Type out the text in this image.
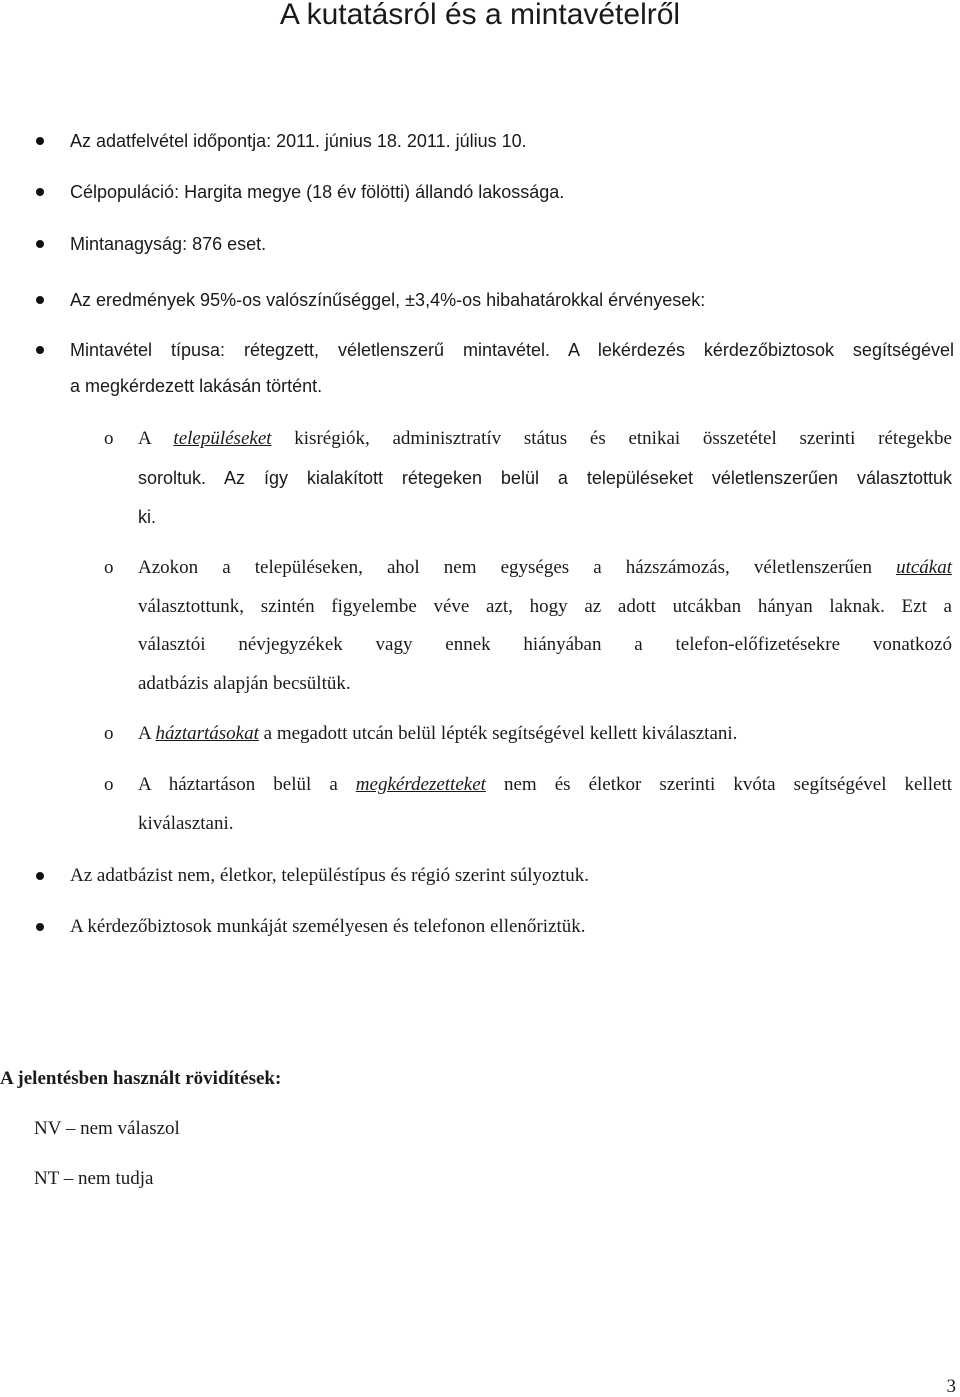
A kutatásról és a mintavételről
Az adatfelvétel időpontja: 2011. június 18. 2011. július 10.
Célpopuláció: Hargita megye (18 év fölötti) állandó lakossága.
Mintanagyság: 876 eset.
Az eredmények 95%-os valószínűséggel, ±3,4%-os hibahatárokkal érvényesek:
Mintavétel típusa: rétegzett, véletlenszerű mintavétel. A lekérdezés kérdezőbiztosok segítségével
a megkérdezett lakásán történt.
o A településeket kisrégiók, adminisztratív státus és etnikai összetétel szerinti rétegekbe
soroltuk. Az így kialakított rétegeken belül a településeket véletlenszerűen választottuk
ki.
o Azokon a településeken, ahol nem egységes a házszámozás, véletlenszerűen utcákat
választottunk, szintén figyelembe véve azt, hogy az adott utcákban hányan laknak. Ezt a
választói névjegyzékek vagy ennek hiányában a telefon-előfizetésekre vonatkozó
adatbázis alapján becsültük.
o A háztartásokat a megadott utcán belül lépték segítségével kellett kiválasztani.
o A háztartáson belül a megkérdezetteket nem és életkor szerinti kvóta segítségével kellett
kiválasztani.
Az adatbázist nem, életkor, településtípus és régió szerint súlyoztuk.
A kérdezőbiztosok munkáját személyesen és telefonon ellenőriztük.
A jelentésben használt rövidítések:
NV – nem válaszol
NT – nem tudja
3
